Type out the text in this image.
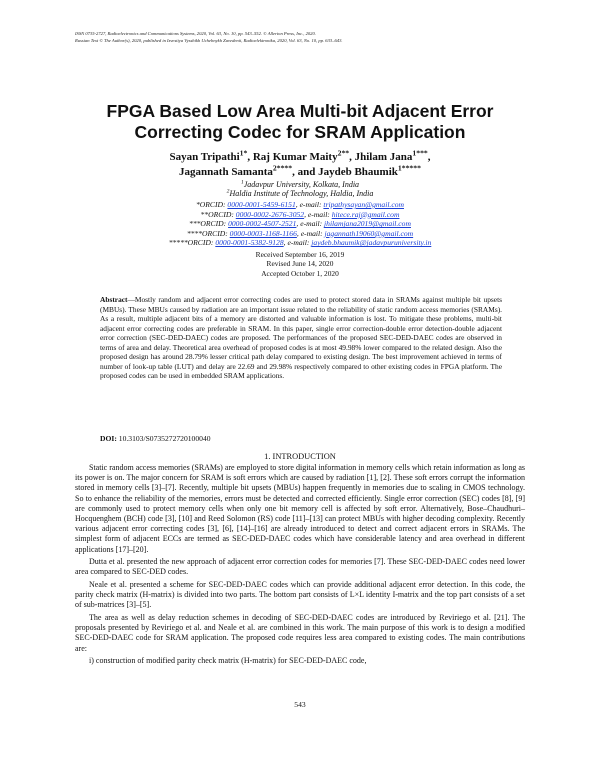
ISSN 0735-2727, Radioelectronics and Communications Systems, 2020, Vol. 63, No. 10, pp. 543–552. © Allerton Press, Inc., 2020.
Russian Text © The Author(s), 2020, published in Izvestiya Vysshikh Uchebnykh Zavedenii, Radioelektronika, 2020, Vol. 63, No. 10, pp. 633–643.
FPGA Based Low Area Multi-bit Adjacent Error
Correcting Codec for SRAM Application
Sayan Tripathi$^{1*}$, Raj Kumar Maity$^{2**}$, Jhilam Jana$^{1***}$,
Jagannath Samanta$^{2****}$, and Jaydeb Bhaumik$^{1*****}$
$^1$Jadavpur University, Kolkata, India
$^2$Haldia Institute of Technology, Haldia, India
*ORCID: 0000-0001-5459-6151, e-mail: tripathysayan@gmail.com
**ORCID: 0000-0002-2676-3052, e-mail: hitece.raj@gmail.com
***ORCID: 0000-0002-4507-2521, e-mail: jhilamjana2019@gmail.com
****ORCID: 0000-0003-1168-1166, e-mail: jagannath19060@gmail.com
*****ORCID: 0000-0001-5382-9128, e-mail: jaydeb.bhaumik@jadavpuruniversity.in
Received September 16, 2019
Revised June 14, 2020
Accepted October 1, 2020
Abstract—Mostly random and adjacent error correcting codes are used to protect stored data in SRAMs against multiple bit upsets (MBUs). These MBUs caused by radiation are an important issue related to the reliability of static random access memories (SRAMs). As a result, multiple adjacent bits of a memory are distorted and valuable information is lost. To mitigate these problems, multi-bit adjacent error correcting codes are preferable in SRAM. In this paper, single error correction-double error detection-double adjacent error correction (SEC-DED-DAEC) codes are proposed. The performances of the proposed SEC-DED-DAEC codes are observed in terms of area and delay. Theoretical area overhead of proposed codes is at most 49.98% lower compared to the related design. Also the proposed design has around 28.79% lesser critical path delay compared to existing design. The best improvement achieved in terms of number of look-up table (LUT) and delay are 22.69 and 29.98% respectively compared to other existing codes in FPGA platform. The proposed codes can be used in embedded SRAM applications.
DOI: 10.3103/S0735272720100040
1. INTRODUCTION

Static random access memories (SRAMs) are employed to store digital information in memory cells which retain information as long as its power is on. The major concern for SRAM is soft errors which are caused by radiation [1], [2]. These soft errors corrupt the information stored in memory cells [3]–[7]. Recently, multiple bit upsets (MBUs) happen frequently in memories due to scaling in CMOS technology. So to enhance the reliability of the memories, errors must be detected and corrected efficiently. Single error correction (SEC) codes [8], [9] are commonly used to protect memory cells when only one bit memory cell is affected by soft error. Alternatively, Bose–Chaudhuri–Hocquenghem (BCH) code [3], [10] and Reed Solomon (RS) code [11]–[13] can protect MBUs with higher decoding complexity. Recently various adjacent error correcting codes [3], [6], [14]–[16] are already introduced to detect and correct adjacent errors in SRAMs. The simplest form of adjacent ECCs are termed as SEC-DED-DAEC codes which have considerable latency and area overhead in different applications [17]–[20].

Dutta et al. presented the new approach of adjacent error correction codes for memories [7]. These SEC-DED-DAEC codes need lower area compared to SEC-DED codes.

Neale et al. presented a scheme for SEC-DED-DAEC codes which can provide additional adjacent error detection. In this code, the parity check matrix (H-matrix) is divided into two parts. The bottom part consists of L×L identity I-matrix and the top part consists of a set of sub-matrices [3]–[5].

The area as well as delay reduction schemes in decoding of SEC-DED-DAEC codes are introduced by Reviriego et al. [21]. The proposals presented by Reviriego et al. and Neale et al. are combined in this work. The main purpose of this work is to design a modified SEC-DED-DAEC code for SRAM application. The proposed code requires less area compared to existing codes. The main contributions are:

i) construction of modified parity check matrix (H-matrix) for SEC-DED-DAEC code,

543
